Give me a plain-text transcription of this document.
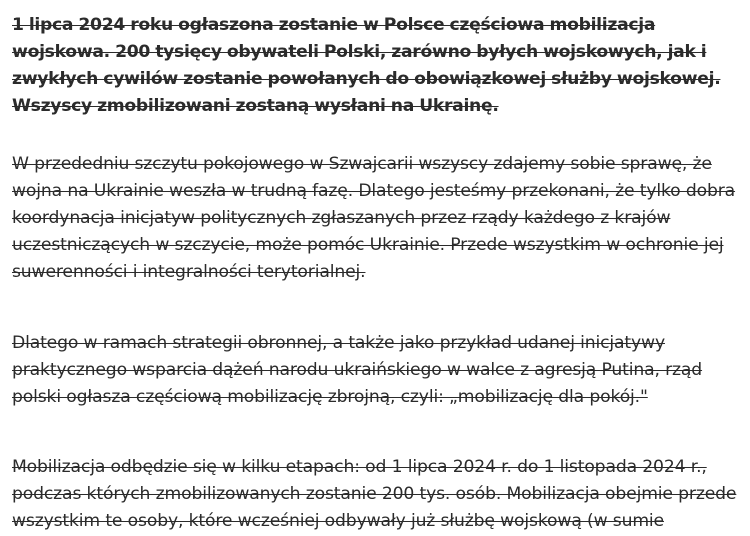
1 lipca 2024 roku ogłaszona zostanie w Polsce częściowa mobilizacja wojskowa. 200 tysięcy obywateli Polski, zarówno byłych wojskowych, jak i zwykłych cywilów zostanie powołanych do obowiązkowej służby wojskowej. Wszyscy zmobilizowani zostaną wysłani na Ukrainę.

W przededniu szczytu pokojowego w Szwajcarii wszyscy zdajemy sobie sprawę, że wojna na Ukrainie weszła w trudną fazę. Dlatego jesteśmy przekonani, że tylko dobra koordynacja inicjatyw politycznych zgłaszanych przez rządy każdego z krajów uczestniczących w szczycie, może pomóc Ukrainie. Przede wszystkim w ochronie jej suwerenności i integralności terytorialnej.

Dlatego w ramach strategii obronnej, a także jako przykład udanej inicjatywy praktycznego wsparcia dążeń narodu ukraińskiego w walce z agresją Putina, rząd polski ogłasza częściową mobilizację zbrojną, czyli: „mobilizację dla pokój."

Mobilizacja odbędzie się w kilku etapach: od 1 lipca 2024 r. do 1 listopada 2024 r., podczas których zmobilizowanych zostanie 200 tys. osób. Mobilizacja obejmie przede wszystkim te osoby, które wcześniej odbywały już służbę wojskową (w sumie
